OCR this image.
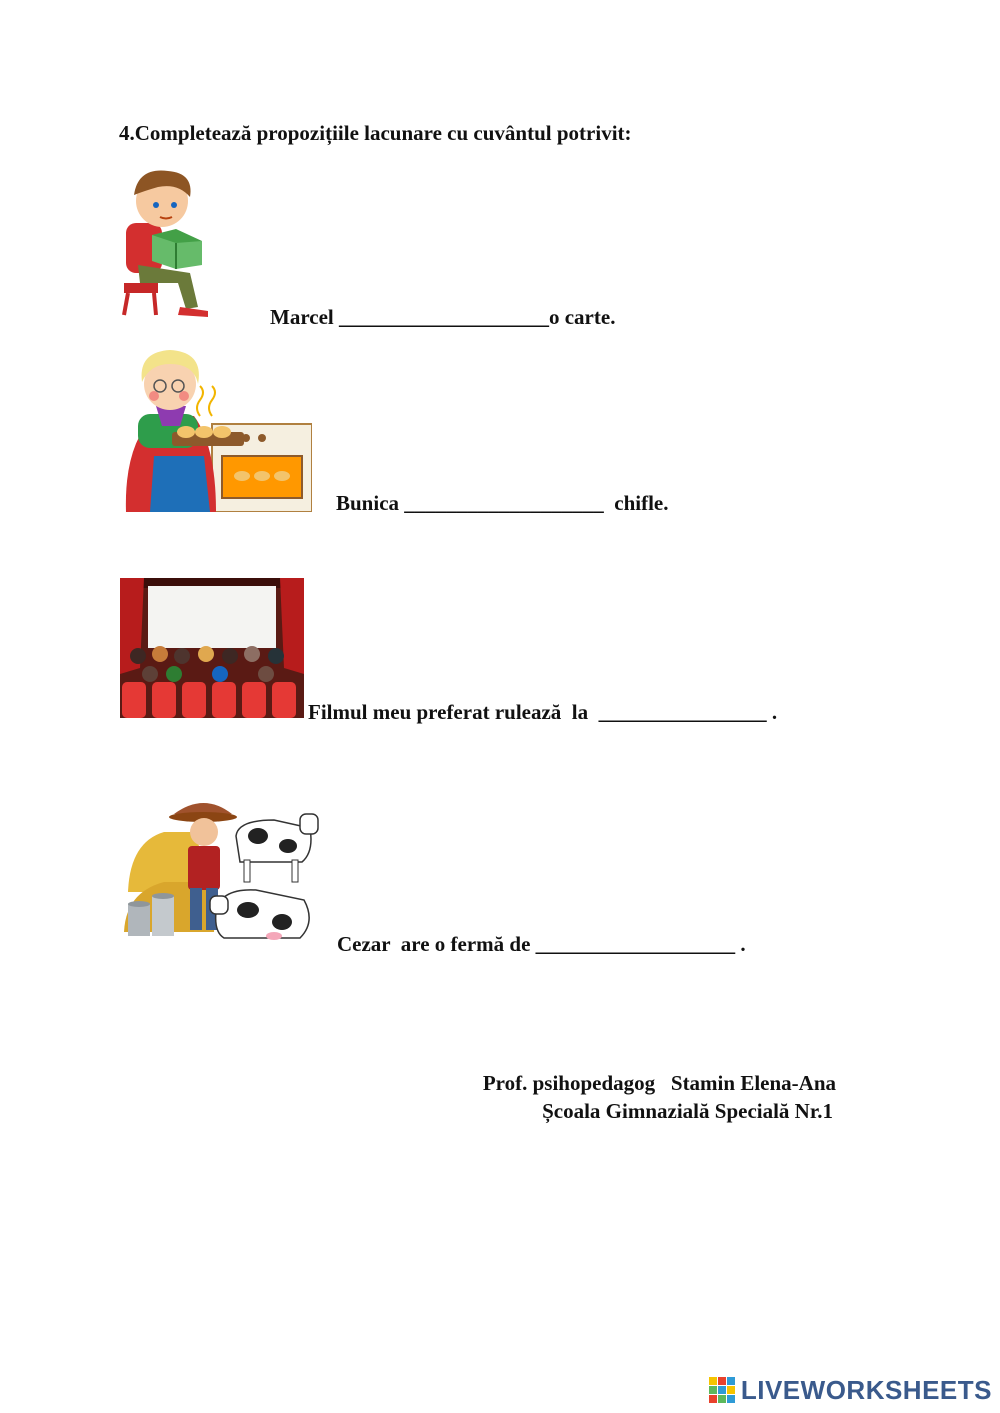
4.Completează propozițiile lacunare cu cuvântul potrivit:
Marcel ____________________o carte.
Bunica ___________________  chifle.
Filmul meu preferat rulează  la  ________________ .
Cezar  are o fermă de ___________________ .
Prof. psihopedagog   Stamin Elena-Ana
Școala Gimnazială Specială Nr.1
LIVEWORKSHEETS
